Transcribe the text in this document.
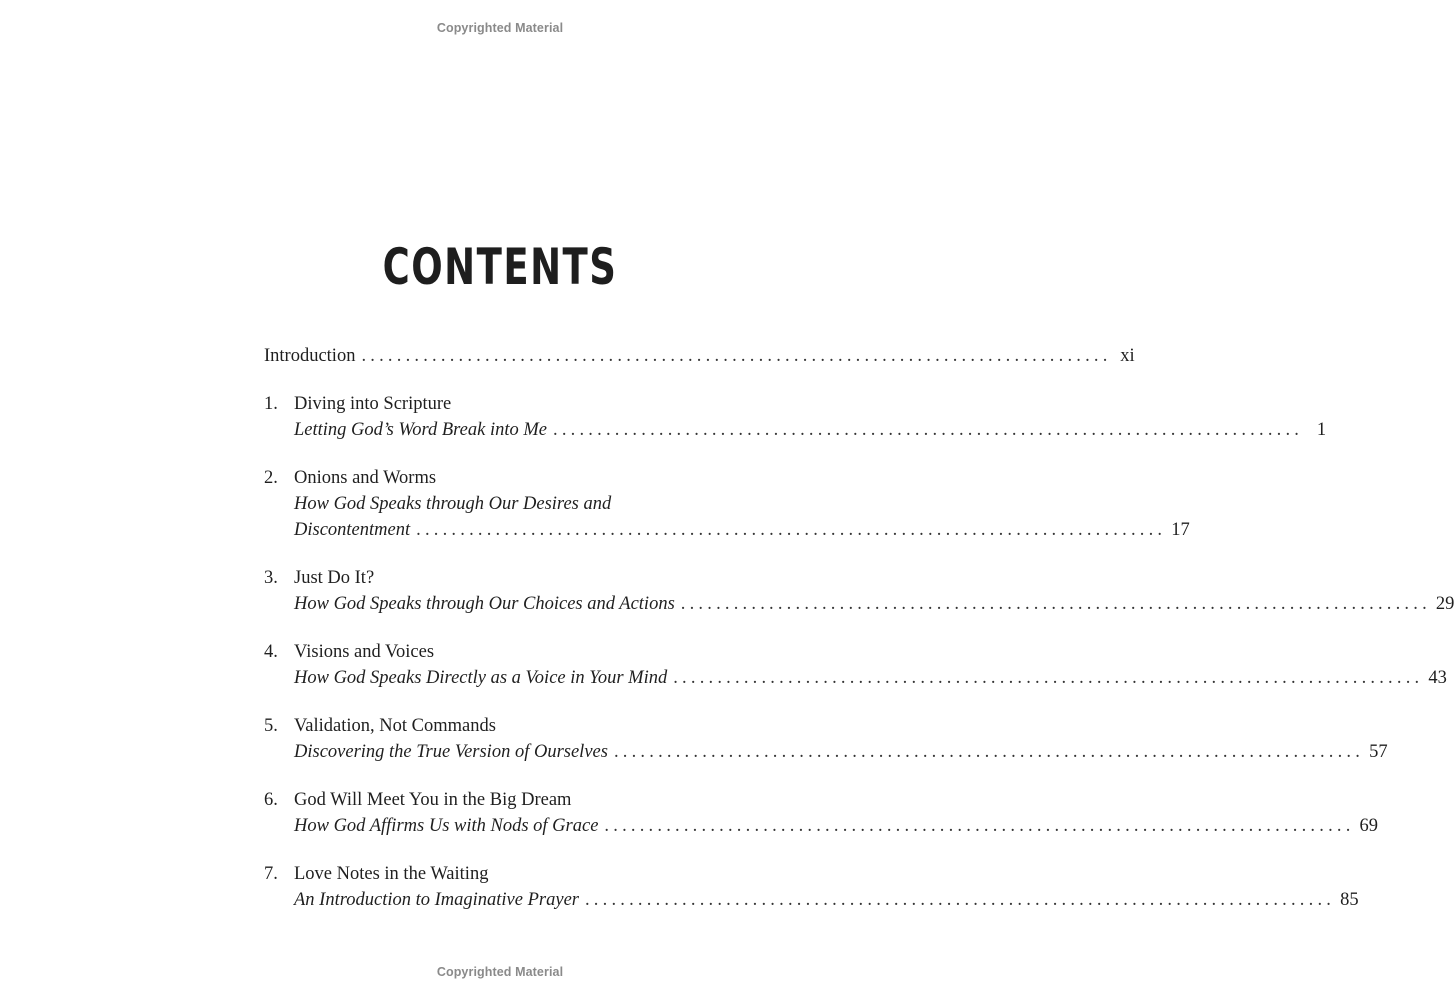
Copyrighted Material
CONTENTS
Introduction ..................................................................................... xi
1. Diving into Scripture
Letting God’s Word Break into Me ..................................................................................... 1
2. Onions and Worms
How God Speaks through Our Desires and
Discontentment ..................................................................................... 17
3. Just Do It?
How God Speaks through Our Choices and Actions ..................................................................................... 29
4. Visions and Voices
How God Speaks Directly as a Voice in Your Mind ..................................................................................... 43
5. Validation, Not Commands
Discovering the True Version of Ourselves ..................................................................................... 57
6. God Will Meet You in the Big Dream
How God Affirms Us with Nods of Grace ..................................................................................... 69
7. Love Notes in the Waiting
An Introduction to Imaginative Prayer ..................................................................................... 85
Copyrighted Material
